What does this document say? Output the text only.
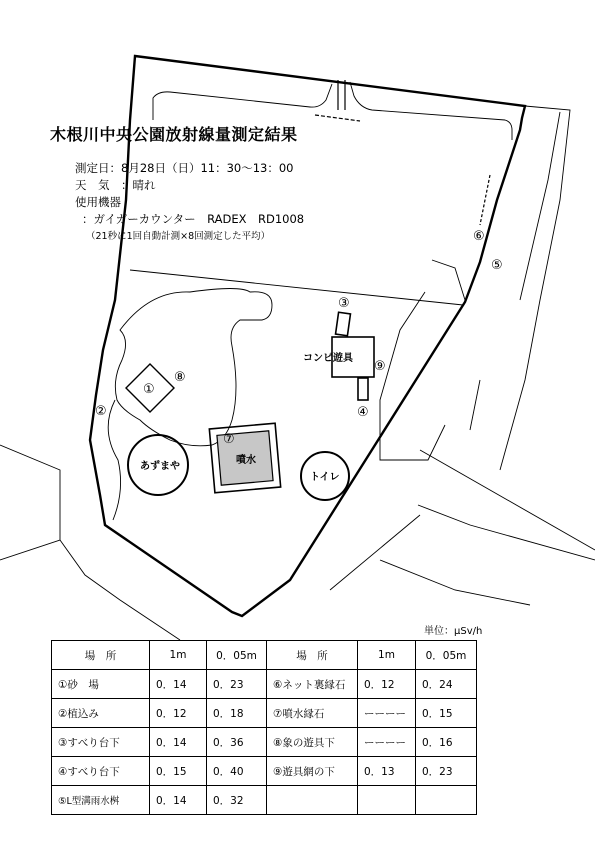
①
⑧
②
③
④
⑨
⑤
⑥
⑦
あずまや
噴水
トイレ
コンビ遊具
木根川中央公園放射線量測定結果
測定日：8月28日（日）11：30〜13：00
天　気　：晴れ
使用機器
：ガイガーカウンター　RADEX　RD1008
（21秒に1回自動計測×8回測定した平均）
単位：μSv/h
場　所	1m	0．05m	場　所	1m	0．05m
①砂　場	0．14	0．23	⑥ネット裏縁石	0．12	0．24
②植込み	0．12	0．18	⑦噴水縁石	ーーーー	0．15
③すべり台下	0．14	0．36	⑧象の遊具下	ーーーー	0．16
④すべり台下	0．15	0．40	⑨遊具網の下	0．13	0．23
⑤L型溝雨水桝	0．14	0．32			
